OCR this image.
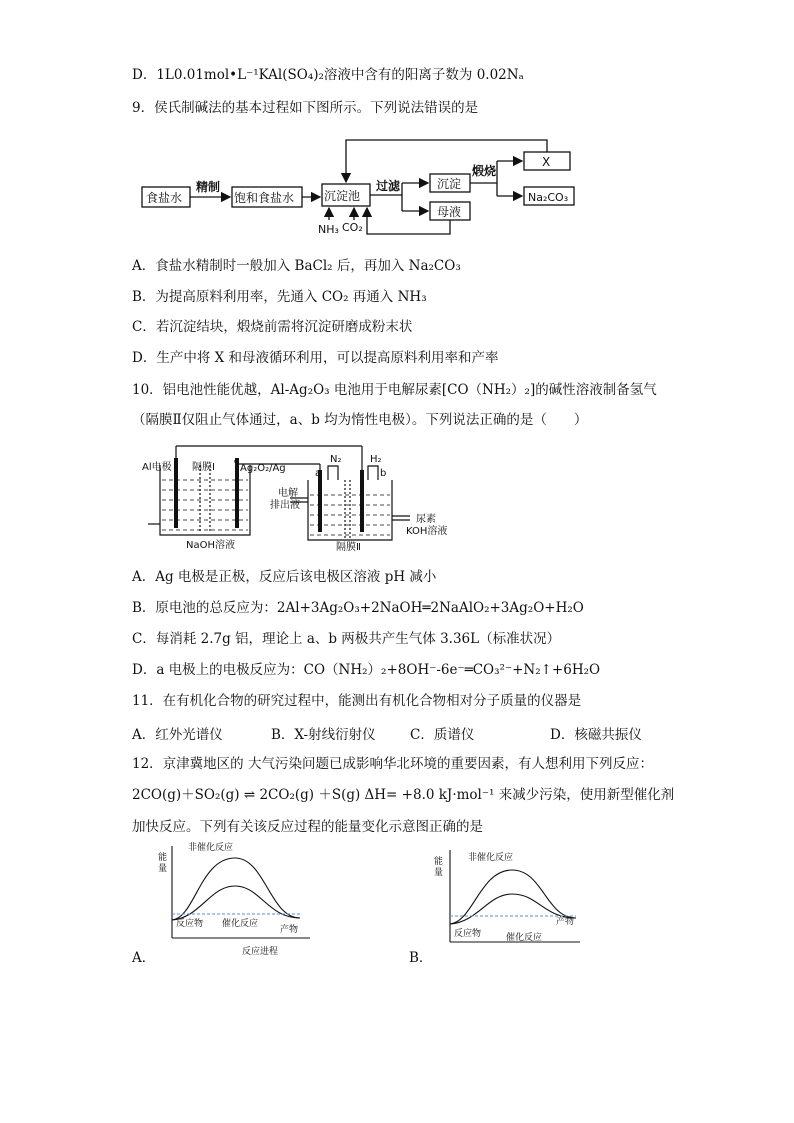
D．1L0.01mol•L⁻¹KAl(SO₄)₂溶液中含有的阳离子数为 0.02Nₐ
9．侯氏制碱法的基本过程如下图所示。下列说法错误的是
食盐水
精制
饱和食盐水 沉淀池
NH₃ CO₂
过滤	沉淀
母液
煅烧
X
Na₂CO₃
A．食盐水精制时一般加入 BaCl₂ 后，再加入 Na₂CO₃
B．为提高原料利用率，先通入 CO₂ 再通入 NH₃
C．若沉淀结块，煅烧前需将沉淀研磨成粉末状
D．生产中将 X 和母液循环利用，可以提高原料利用率和产率
10．铝电池性能优越，Al-Ag₂O₃ 电池用于电解尿素[CO（NH₂）₂]的碱性溶液制备氢气
（隔膜Ⅱ仅阻止气体通过，a、b 均为惰性电极）。下列说法正确的是（　　）
Al电极 隔膜Ⅰ	Ag₂O₂/Ag
NaOH溶液
a	b
N₂	H₂
电解
排出液
尿素
KOH溶液
隔膜Ⅱ
A．Ag 电极是正极，反应后该电极区溶液 pH 减小
B．原电池的总反应为：2Al+3Ag₂O₃+2NaOH═2NaAlO₂+3Ag₂O+H₂O
C．每消耗 2.7g 铝，理论上 a、b 两极共产生气体 3.36L（标准状况）
D．a 电极上的电极反应为：CO（NH₂）₂+8OH⁻-6e⁻═CO₃²⁻+N₂↑+6H₂O
11．在有机化合物的研究过程中，能测出有机化合物相对分子质量的仪器是
A．红外光谱仪	B．X-射线衍射仪	C．质谱仪	D．核磁共振仪
12．京津冀地区的 大气污染问题已成影响华北环境的重要因素，有人想利用下列反应：
2CO(g)＋SO₂(g) ⇌ 2CO₂(g) ＋S(g) ΔH= +8.0 kJ·mol⁻¹ 来减少污染，使用新型催化剂
加快反应。下列有关该反应过程的能量变化示意图正确的是
A．
能
量
非催化反应
反应物 催化反应
产物
反应进程	B．
能
量
非催化反应
反应物	催化反应
产物
